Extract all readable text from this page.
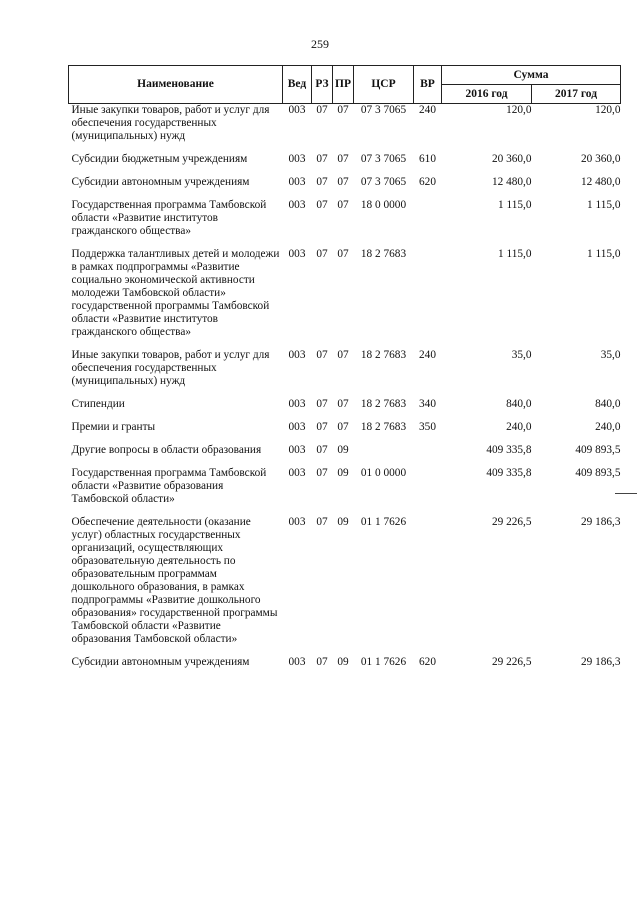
259
Наименование	Вед	РЗ	ПР	ЦСР	ВР	Сумма	
						2016 год	2017 год
Иные закупки товаров, работ и услуг для обеспечения государственных (муниципальных) нужд	003	07	07	07 3 7065	240	120,0	120,0
Субсидии бюджетным учреждениям	003	07	07	07 3 7065	610	20 360,0	20 360,0
Субсидии автономным учреждениям	003	07	07	07 3 7065	620	12 480,0	12 480,0
Государственная программа Тамбовской области «Развитие институтов гражданского общества»	003	07	07	18 0 0000		1 115,0	1 115,0
Поддержка талантливых детей и молодежи в рамках подпрограммы «Развитие социально экономической активности молодежи Тамбовской области» государственной программы Тамбовской области «Развитие институтов гражданского общества»	003	07	07	18 2 7683		1 115,0	1 115,0
Иные закупки товаров, работ и услуг для обеспечения государственных (муниципальных) нужд	003	07	07	18 2 7683	240	35,0	35,0
Стипендии	003	07	07	18 2 7683	340	840,0	840,0
Премии и гранты	003	07	07	18 2 7683	350	240,0	240,0
Другие вопросы в области образования	003	07	09			409 335,8	409 893,5
Государственная программа Тамбовской области «Развитие образования Тамбовской области»	003	07	09	01 0 0000		409 335,8	409 893,5
Обеспечение деятельности (оказание услуг) областных государственных организаций, осуществляющих образовательную деятельность по образовательным программам дошкольного образования, в рамках подпрограммы «Развитие дошкольного образования» государственной программы Тамбовской области «Развитие образования Тамбовской области»	003	07	09	01 1 7626		29 226,5	29 186,3
Субсидии автономным учреждениям	003	07	09	01 1 7626	620	29 226,5	29 186,3
